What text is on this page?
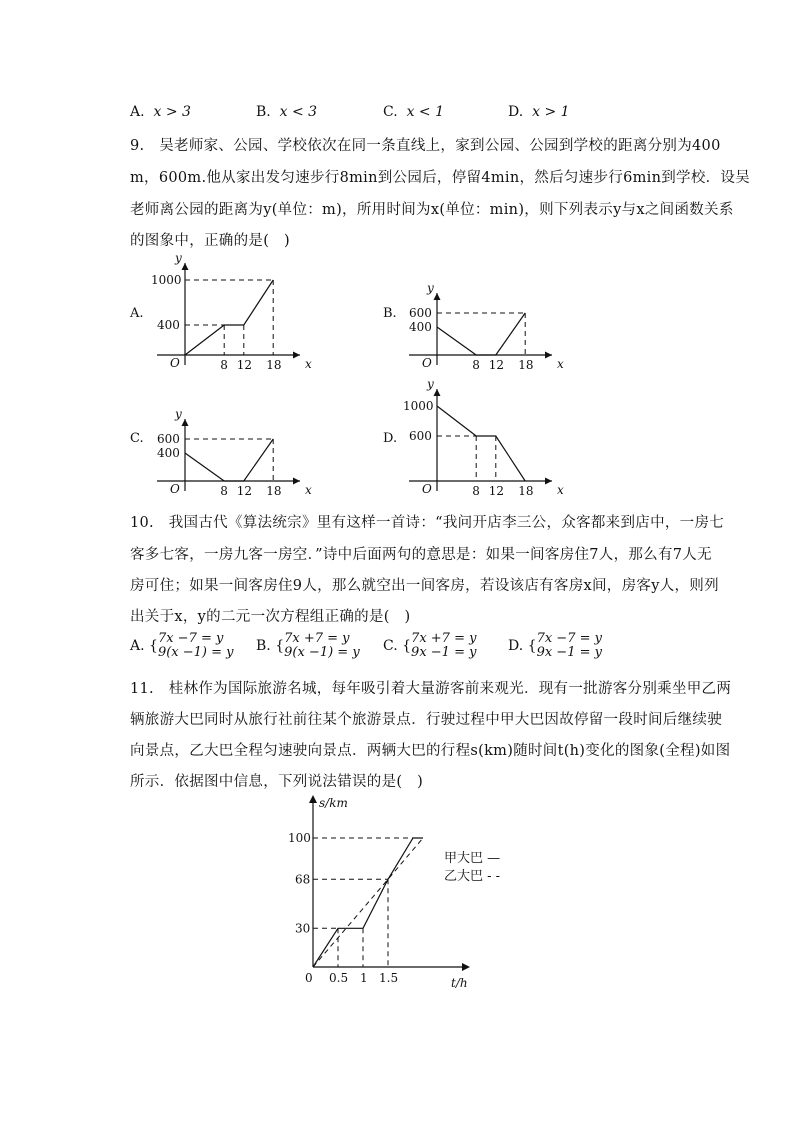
A. x > 3	B. x < 3	C. x < 1	D. x > 1
9.　吴老师家、公园、学校依次在同一条直线上，家到公园、公园到学校的距离分别为400
m，600m.他从家出发匀速步行8min到公园后，停留4min，然后匀速步行6min到学校．设吴
老师离公园的距离为y(单位：m)，所用时间为x(单位：min)，则下列表示y与x之间函数关系
的图象中，正确的是(　)
A.	B.
C.	D.
x
y
O	8 12 18
1000
400
x
y
O	8 12 18
600
400
x
y
O	8 12 18
600
400
x
y
O	8 12 18
1000
600
10.　我国古代《算法统宗》里有这样一首诗：“我问开店李三公，众客都来到店中，一房七
客多七客，一房九客一房空．”诗中后面两句的意思是：如果一间客房住7人，那么有7人无
房可住；如果一间客房住9人，那么就空出一间客房，若设该店有客房x间，房客y人，则列
出关于x，y的二元一次方程组正确的是(　)
A. {7x −7 = y
9(x −1) = y B. {7x +7 = y
9(x −1) = y C. {7x +7 = y
9x −1 = y D. {7x −7 = y
9x −1 = y
11.　桂林作为国际旅游名城，每年吸引着大量游客前来观光．现有一批游客分别乘坐甲乙两
辆旅游大巴同时从旅行社前往某个旅游景点．行驶过程中甲大巴因故停留一段时间后继续驶
向景点，乙大巴全程匀速驶向景点．两辆大巴的行程s(km)随时间t(h)变化的图象(全程)如图
所示．依据图中信息，下列说法错误的是(　)
s/km
t/h
0 0.5 1 1.5
100
68
30
甲大巴 —
乙大巴 - -
